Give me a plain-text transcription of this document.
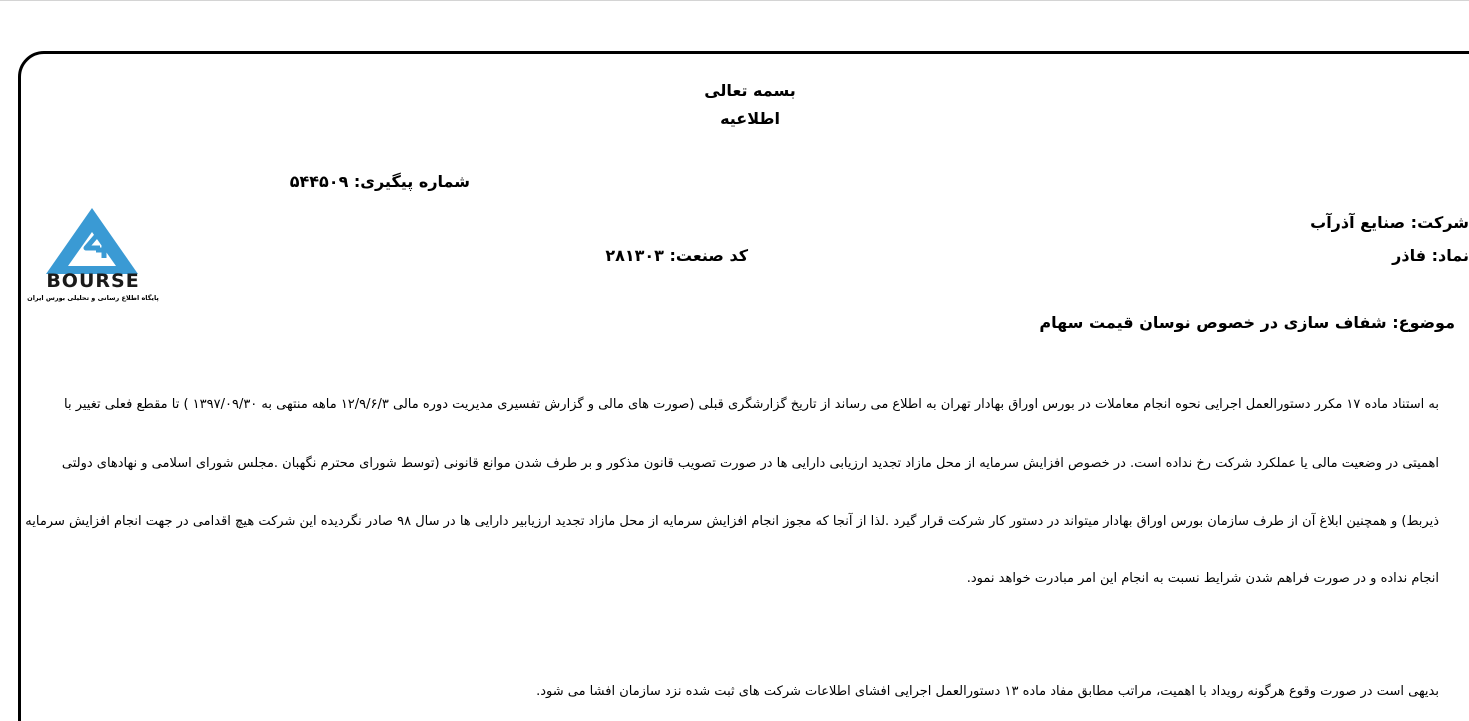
بسمه تعالی
اطلاعیه
شماره پیگیری: ۵۴۴۵۰۹
شرکت: صنایع آذرآب
نماد: فاذر
کد صنعت: ۲۸۱۳۰۳
موضوع: شفاف سازی در خصوص نوسان قیمت سهام
BOURSE
پایگاه اطلاع رسانی و تحلیلی بورس ایران
به استناد ماده ۱۷ مکرر دستورالعمل اجرایی نحوه انجام معاملات در بورس اوراق بهادار تهران به اطلاع می رساند از تاریخ گزارشگری قبلی (صورت های مالی و گزارش تفسیری مدیریت دوره مالی ۱۲/۹/۶/۳ ماهه منتهی به ۱۳۹۷/۰۹/۳۰ ) تا مقطع فعلی تغییر با
اهمیتی در وضعیت مالی یا عملکرد شرکت رخ نداده است. در خصوص افزایش سرمایه از محل مازاد تجدید ارزیابی دارایی ها در صورت تصویب قانون مذکور و بر طرف شدن موانع قانونی (توسط شورای محترم نگهبان .مجلس شورای اسلامی و نهادهای دولتی
ذیربط) و همچنین ابلاغ آن از طرف سازمان بورس اوراق بهادار میتواند در دستور کار شرکت قرار گیرد .لذا از آنجا که مجوز انجام افزایش سرمایه از محل مازاد تجدید ارزیابیر دارایی ها در سال ۹۸ صادر نگردیده این شرکت هیچ اقدامی در جهت انجام افزایش سرمایه
انجام نداده و در صورت فراهم شدن شرایط نسبت به انجام این امر مبادرت خواهد نمود.
بدیهی است در صورت وقوع هرگونه رویداد با اهمیت، مراتب مطابق مفاد ماده ۱۳ دستورالعمل اجرایی افشای اطلاعات شرکت های ثبت شده نزد سازمان افشا می شود.
